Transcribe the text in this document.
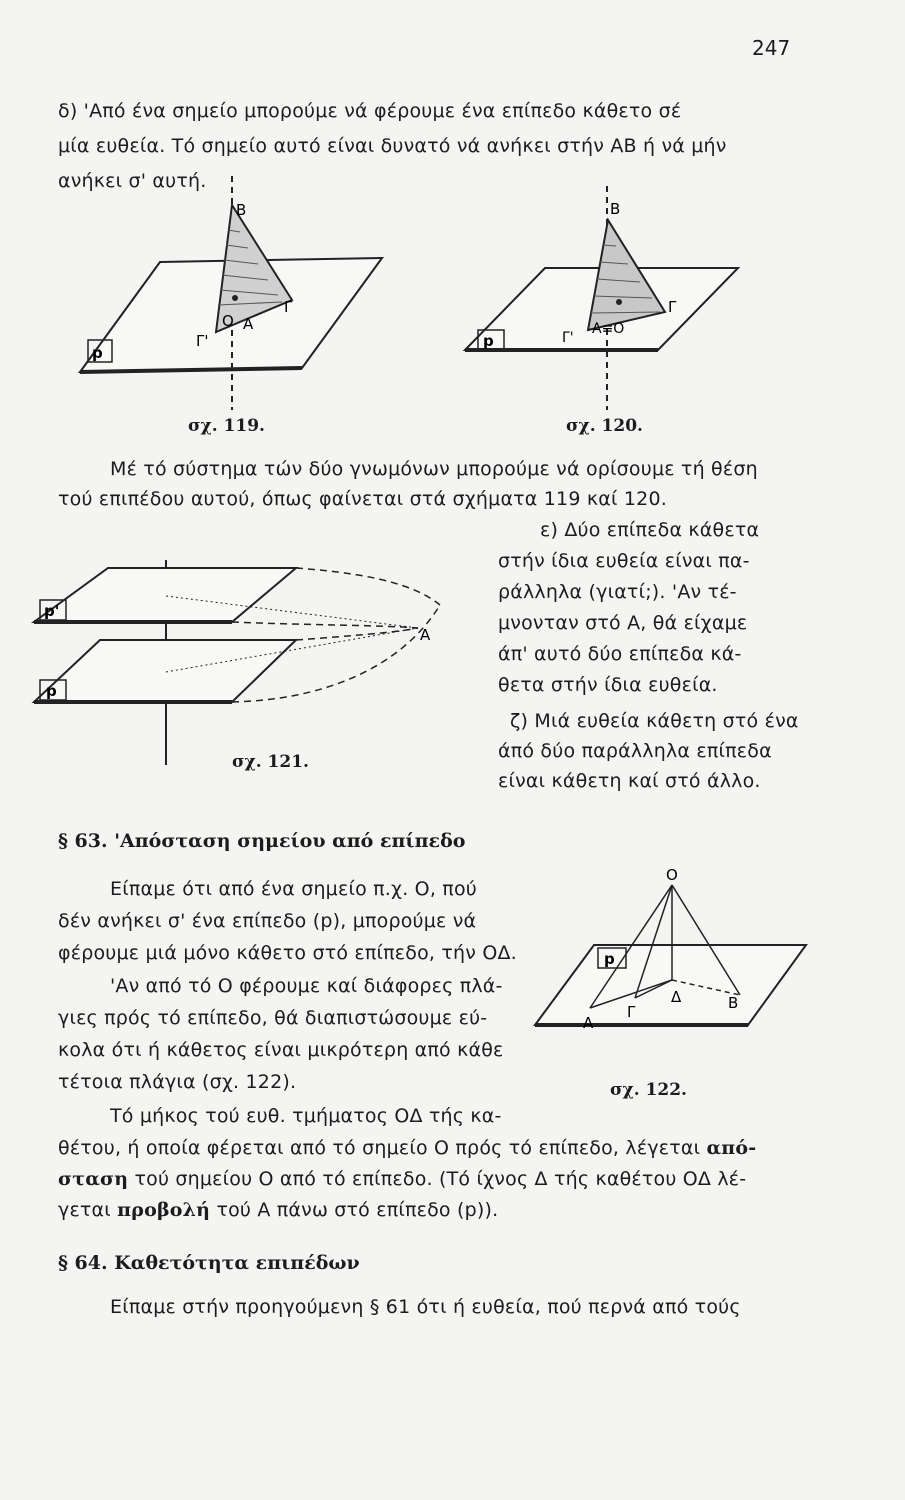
247
δ) 'Από ένα σημείο μπορούμε νά φέρουμε ένα επίπεδο κάθετο σέ
μία ευθεία. Τό σημείο αυτό είναι δυνατό νά ανήκει στήν ΑΒ ή νά μήν
ανήκει σ' αυτή.
B
Γ
Γ'
O A
p
σχ. 119.
B
Γ
Γ'
A≡O
p
σχ. 120.
Μέ τό σύστημα τών δύο γνωμόνων μπορούμε νά ορίσουμε τή θέση
τού επιπέδου αυτού, όπως φαίνεται στά σχήματα 119 καί 120.
ε) Δύο επίπεδα κάθετα
στήν ίδια ευθεία είναι πα-
ράλληλα (γιατί;). 'Αν τέ-
μνονταν στό Α, θά είχαμε
άπ' αυτό δύο επίπεδα κά-
θετα στήν ίδια ευθεία.
ζ) Μιά ευθεία κάθετη στό ένα
άπό δύο παράλληλα επίπεδα
είναι κάθετη καί στό άλλο.
A
p'
p
σχ. 121.
§ 63. 'Απόσταση σημείου από επίπεδο
Είπαμε ότι από ένα σημείο π.χ. Ο, πού
δέν ανήκει σ' ένα επίπεδο (p), μπορούμε νά
φέρουμε μιά μόνο κάθετο στό επίπεδο, τήν ΟΔ.
'Αν από τό Ο φέρουμε καί διάφορες πλά-
γιες πρός τό επίπεδο, θά διαπιστώσουμε εύ-
κολα ότι ή κάθετος είναι μικρότερη από κάθε
τέτοια πλάγια (σχ. 122).
O
Δ
Γ
A
B
p
σχ. 122.
Τό μήκος τού ευθ. τμήματος ΟΔ τής κα-
θέτου, ή οποία φέρεται από τό σημείο Ο πρός τό επίπεδο, λέγεται από-
σταση τού σημείου Ο από τό επίπεδο. (Τό ίχνος Δ τής καθέτου ΟΔ λέ-
γεται προβολή τού Α πάνω στό επίπεδο (p)).
§ 64. Καθετότητα επιπέδων
Είπαμε στήν προηγούμενη § 61 ότι ή ευθεία, πού περνά από τούς
